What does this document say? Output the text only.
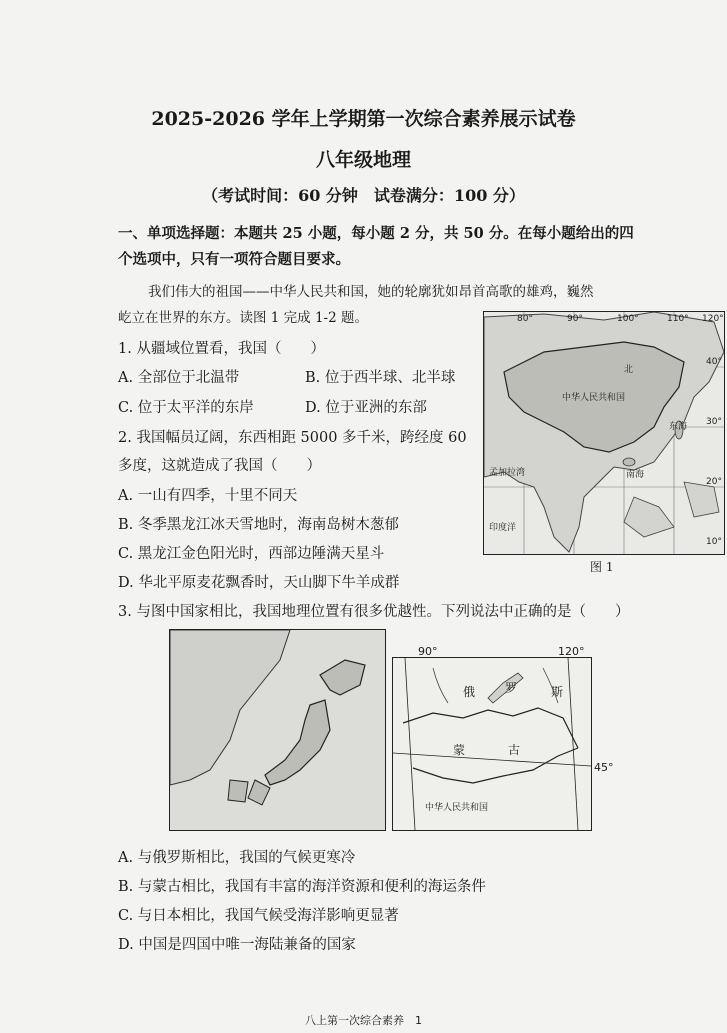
2025-2026 学年上学期第一次综合素养展示试卷
八年级地理
（考试时间：60 分钟　试卷满分：100 分）
一、单项选择题：本题共 25 小题，每小题 2 分，共 50 分。在每小题给出的四
个选项中，只有一项符合题目要求。
我们伟大的祖国——中华人民共和国，她的轮廓犹如昂首高歌的雄鸡，巍然
屹立在世界的东方。读图 1 完成 1-2 题。
1. 从疆域位置看，我国（　　）
A. 全部位于北温带	B. 位于西半球、北半球
C. 位于太平洋的东岸	D. 位于亚洲的东部
2. 我国幅员辽阔，东西相距 5000 多千米，跨经度 60
多度，这就造成了我国（　　）
A. 一山有四季，十里不同天
B. 冬季黑龙江冰天雪地时，海南岛树木葱郁
C. 黑龙江金色阳光时，西部边陲满天星斗
D. 华北平原麦花飘香时，天山脚下牛羊成群
北
中华人民共和国
东海
南海
孟加拉湾
印度洋
80°	90°	100°	110° 120°
40°
30°
20°
10°
图 1
3. 与图中国家相比，我国地理位置有很多优越性。下列说法中正确的是（　　）
俄 罗	斯
蒙	古
中华人民共和国
90°	120°
45°
A. 与俄罗斯相比，我国的气候更寒冷
B. 与蒙古相比，我国有丰富的海洋资源和便利的海运条件
C. 与日本相比，我国气候受海洋影响更显著
D. 中国是四国中唯一海陆兼备的国家
八上第一次综合素养　1
